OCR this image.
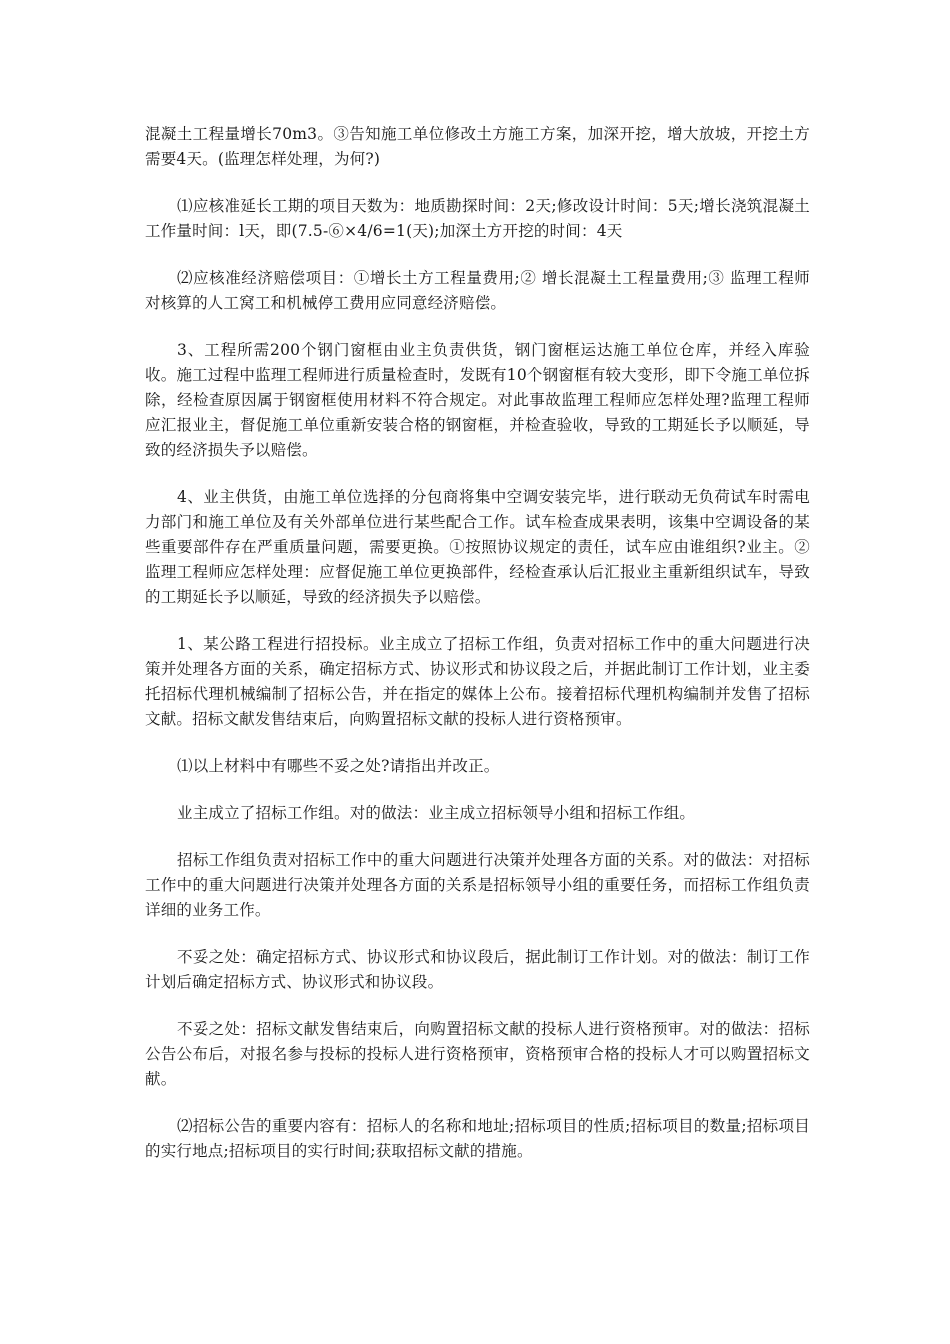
混凝土工程量增长70m3。③告知施工单位修改土方施工方案，加深开挖，增大放坡，开挖土方需要4天。(监理怎样处理，为何?)

⑴应核准延长工期的项目天数为：地质勘探时间：2天;修改设计时间：5天;增长浇筑混凝土工作量时间：l天，即(7.5-⑥×4/6=1(天);加深土方开挖的时间：4天

⑵应核准经济赔偿项目：①增长土方工程量费用;② 增长混凝土工程量费用;③ 监理工程师对核算的人工窝工和机械停工费用应同意经济赔偿。

3、工程所需200个钢门窗框由业主负责供货，钢门窗框运达施工单位仓库，并经入库验收。施工过程中监理工程师进行质量检查时，发既有10个钢窗框有较大变形，即下令施工单位拆除，经检查原因属于钢窗框使用材料不符合规定。对此事故监理工程师应怎样处理?监理工程师应汇报业主，督促施工单位重新安装合格的钢窗框，并检查验收，导致的工期延长予以顺延，导致的经济损失予以赔偿。

4、业主供货，由施工单位选择的分包商将集中空调安装完毕，进行联动无负荷试车时需电力部门和施工单位及有关外部单位进行某些配合工作。试车检查成果表明，该集中空调设备的某些重要部件存在严重质量问题，需要更换。①按照协议规定的责任，试车应由谁组织?业主。②监理工程师应怎样处理：应督促施工单位更换部件，经检查承认后汇报业主重新组织试车，导致的工期延长予以顺延，导致的经济损失予以赔偿。

1、某公路工程进行招投标。业主成立了招标工作组，负责对招标工作中的重大问题进行决策并处理各方面的关系，确定招标方式、协议形式和协议段之后，并据此制订工作计划，业主委托招标代理机械编制了招标公告，并在指定的媒体上公布。接着招标代理机构编制并发售了招标文献。招标文献发售结束后，向购置招标文献的投标人进行资格预审。

⑴以上材料中有哪些不妥之处?请指出并改正。

业主成立了招标工作组。对的做法：业主成立招标领导小组和招标工作组。

招标工作组负责对招标工作中的重大问题进行决策并处理各方面的关系。对的做法：对招标工作中的重大问题进行决策并处理各方面的关系是招标领导小组的重要任务，而招标工作组负责详细的业务工作。

不妥之处：确定招标方式、协议形式和协议段后，据此制订工作计划。对的做法：制订工作计划后确定招标方式、协议形式和协议段。

不妥之处：招标文献发售结束后，向购置招标文献的投标人进行资格预审。对的做法：招标公告公布后，对报名参与投标的投标人进行资格预审，资格预审合格的投标人才可以购置招标文献。

⑵招标公告的重要内容有：招标人的名称和地址;招标项目的性质;招标项目的数量;招标项目的实行地点;招标项目的实行时间;获取招标文献的措施。
